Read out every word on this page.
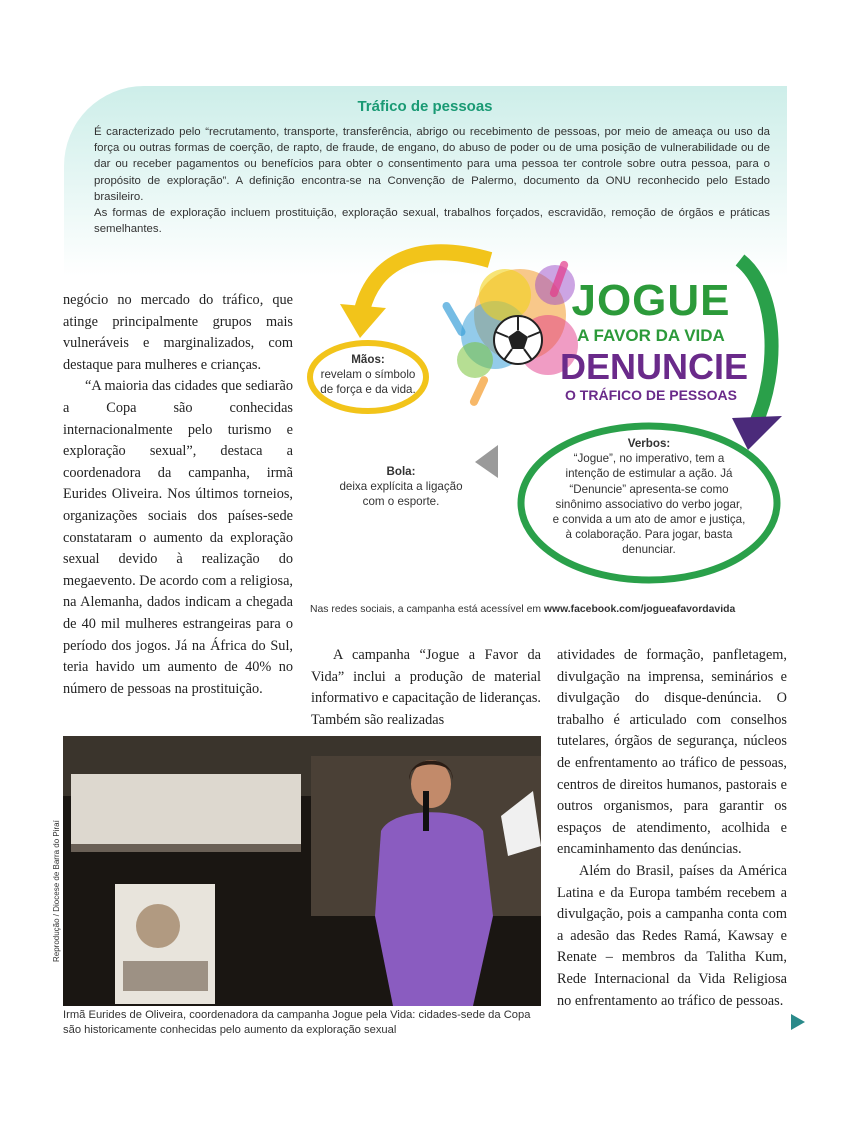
Tráfico de pessoas

É caracterizado pelo “recrutamento, transporte, transferência, abrigo ou recebimento de pessoas, por meio de ameaça ou uso da força ou outras formas de coerção, de rapto, de fraude, de engano, do abuso de poder ou de uma posição de vulnerabilidade ou de dar ou receber pagamentos ou benefícios para obter o consentimento para uma pessoa ter controle sobre outra pessoa, para o propósito de exploração”. A definição encontra-se na Convenção de Palermo, documento da ONU reconhecido pelo Estado brasileiro.

As formas de exploração incluem prostituição, exploração sexual, trabalhos forçados, escravidão, remoção de órgãos e práticas semelhantes.

JOGUE
A FAVOR DA VIDA
DENUNCIE
O TRÁFICO DE PESSOAS
Mãos:
revelam o símbolo de força e da vida.
Bola:
deixa explícita a ligação com o esporte.
Verbos:
“Jogue”, no imperativo, tem a intenção de estimular a ação. Já “Denuncie” apresenta-se como sinônimo associativo do verbo jogar, e convida a um ato de amor e justiça, à colaboração. Para jogar, basta denunciar.
Nas redes sociais, a campanha está acessível em www.facebook.com/jogueafavordavida

negócio no mercado do tráfico, que atinge principalmente grupos mais vulneráveis e marginalizados, com destaque para mulheres e crianças.

“A maioria das cidades que sediarão a Copa são conhecidas internacionalmente pelo turismo e exploração sexual”, destaca a coordenadora da campanha, irmã Eurides Oliveira. Nos últimos torneios, organizações sociais dos países-sede constataram o aumento da exploração sexual devido à realização do megaevento. De acordo com a religiosa, na Alemanha, dados indicam a chegada de 40 mil mulheres estrangeiras para o período dos jogos. Já na África do Sul, teria havido um aumento de 40% no número de pessoas na prostituição.

A campanha “Jogue a Favor da Vida” inclui a produção de material informativo e capacitação de lideranças. Também são realizadas

atividades de formação, panfletagem, divulgação na imprensa, seminários e divulgação do disque-denúncia. O trabalho é articulado com conselhos tutelares, órgãos de segurança, núcleos de enfrentamento ao tráfico de pessoas, centros de direitos humanos, pastorais e outros organismos, para garantir os espaços de atendimento, acolhida e encaminhamento das denúncias.

Além do Brasil, países da América Latina e da Europa também recebem a divulgação, pois a campanha conta com a adesão das Redes Ramá, Kawsay e Renate – membros da Talitha Kum, Rede Internacional da Vida Religiosa no enfrentamento ao tráfico de pessoas.

Reprodução / Diocese de Barra do Piraí
Irmã Eurides de Oliveira, coordenadora da campanha Jogue pela Vida: cidades-sede da Copa são historicamente conhecidas pelo aumento da exploração sexual
